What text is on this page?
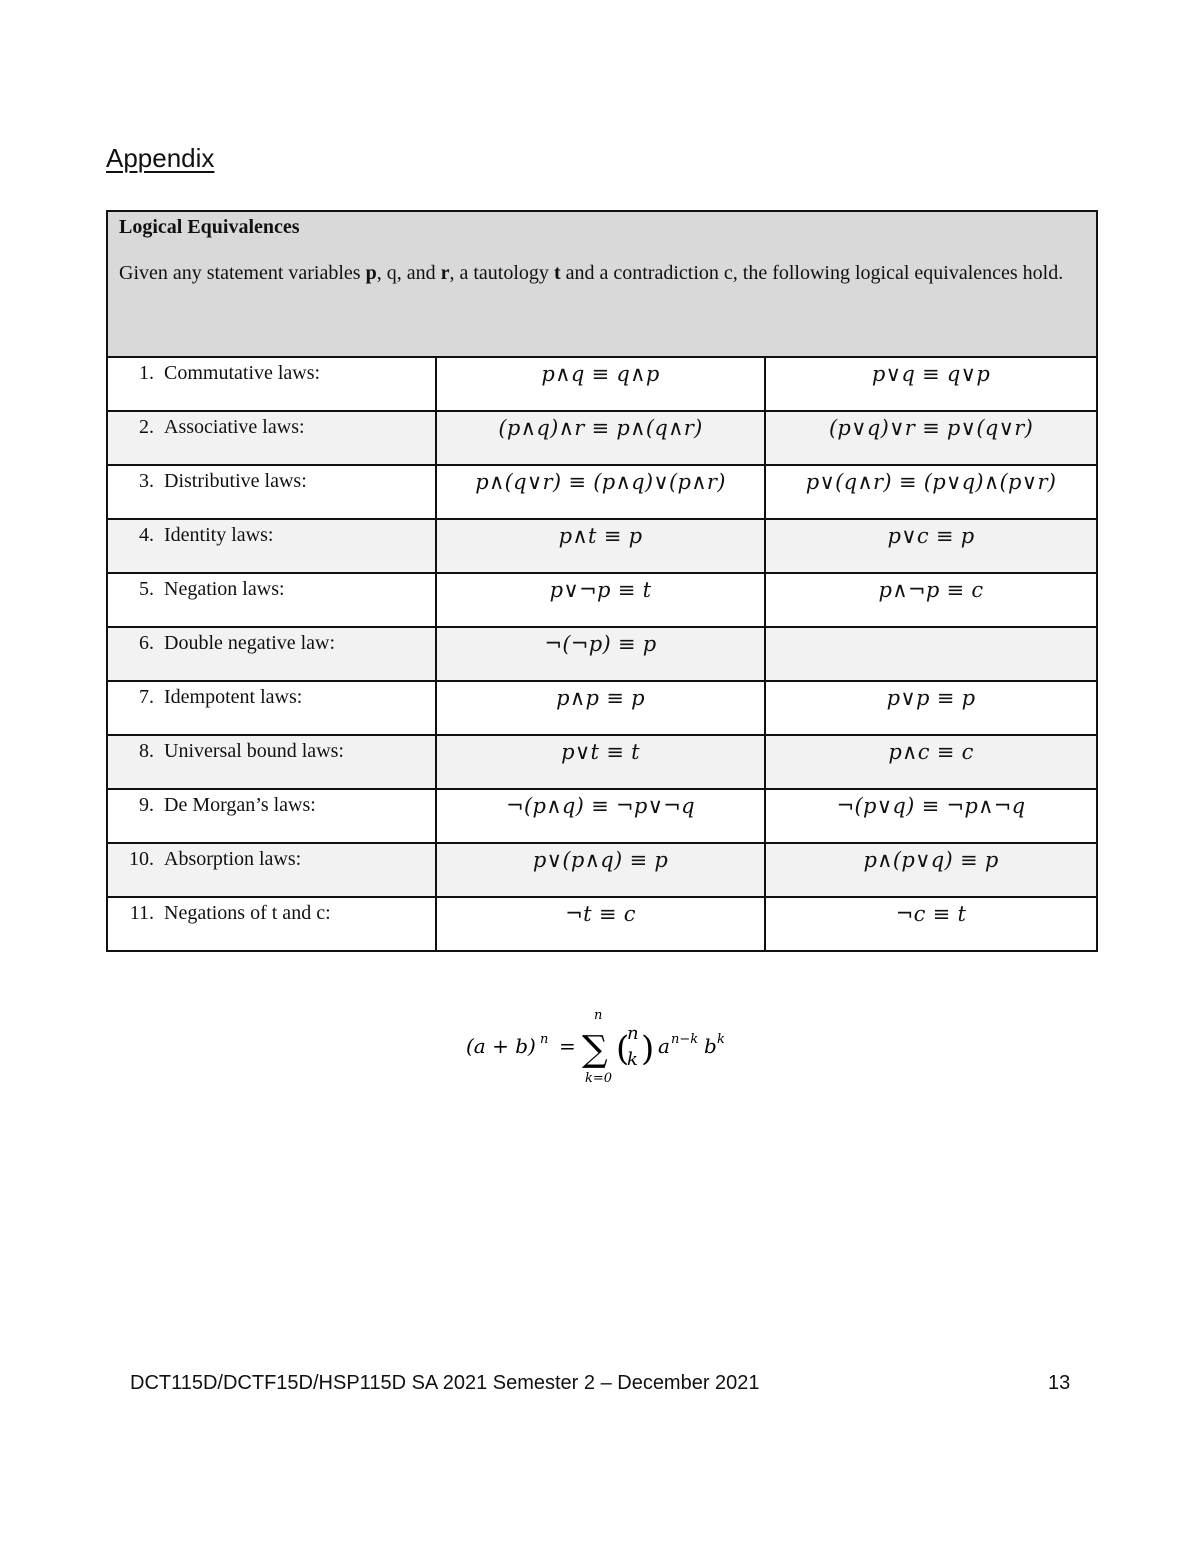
Appendix

Logical Equivalences

Given any statement variables p, q, and r, a tautology t and a contradiction c, the following logical equivalences hold.		

1. Commutative laws:	p∧q ≡ q∧p	p∨q ≡ q∨p
2. Associative laws:	(p∧q)∧r ≡ p∧(q∧r)	(p∨q)∨r ≡ p∨(q∨r)
3. Distributive laws:	p∧(q∨r) ≡ (p∧q)∨(p∧r)	p∨(q∧r) ≡ (p∨q)∧(p∨r)
4. Identity laws:	p∧t ≡ p	p∨c ≡ p
5. Negation laws:	p∨¬p ≡ t	p∧¬p ≡ c
6. Double negative law:	¬(¬p) ≡ p	
7. Idempotent laws:	p∧p ≡ p	p∨p ≡ p
8. Universal bound laws:	p∨t ≡ t	p∧c ≡ c
9. De Morgan’s laws:	¬(p∧q) ≡ ¬p∨¬q	¬(p∨q) ≡ ¬p∧¬q
10. Absorption laws:	p∨(p∧q) ≡ p	p∧(p∨q) ≡ p
11. Negations of t and c:	¬t ≡ c	¬c ≡ t
(a + b) n =
n
∑
k=0
(
n
k ) a n−k b k
DCT115D/DCTF15D/HSP115D SA 2021 Semester 2 – December 2021	13
